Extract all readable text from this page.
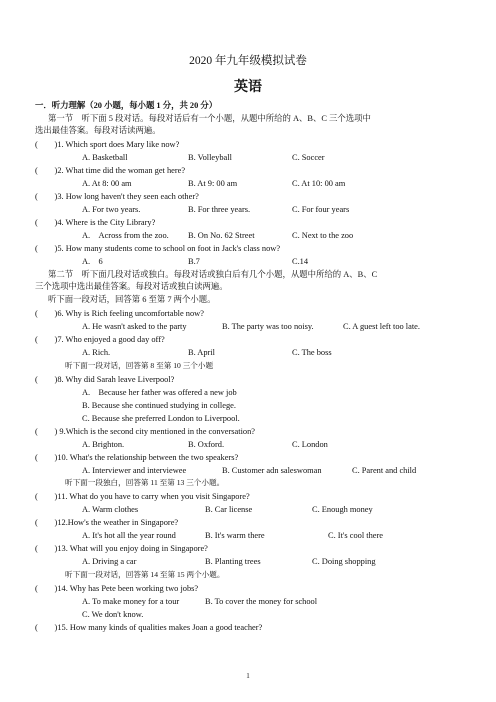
2020 年九年级模拟试卷
英语
一．听力理解（20 小题，每小题 1 分，共 20 分）
第一节　听下面 5 段对话。每段对话后有一个小题，从题中所给的 A、B、C 三个选项中
选出最佳答案。每段对话读两遍。
(　　)1. Which sport does Mary like now?
A. Basketball	B. Volleyball	C. Soccer
(　　)2. What time did the woman get here?
A. At 8: 00 am	B. At 9: 00 am	C. At 10: 00 am
(　　)3. How long haven't they seen each other?
A. For two years.	B. For three years.	C. For four years
(　　)4. Where is the City Library?
A.　Across from the zoo. B. On No. 62 Street	C. Next to the zoo
(　　)5. How many students come to school on foot in Jack's class now?
A.　6	B.7	C.14
第二节　听下面几段对话或独白。每段对话或独白后有几个小题，从题中所给的 A、B、C
三个选项中选出最佳答案。每段对话或独白读两遍。
听下面一段对话，回答第 6 至第 7 两个小题。
(　　)6. Why is Rich feeling uncomfortable now?
A. He wasn't asked to the party	B. The party was too noisy.	C. A guest left too late.
(　　)7. Who enjoyed a good day off?
A. Rich.	B. April	C. The boss
听下面一段对话，回答第 8 至第 10 三个小题
(　　)8. Why did Sarah leave Liverpool?
A.　Because her father was offered a new job
B. Because she continued studying in college.
C. Because she preferred London to Liverpool.
(　　) 9.Which is the second city mentioned in the conversation?
A. Brighton.	B. Oxford.	C. London
(　　)10. What's the relationship between the two speakers?
A. Interviewer and interviewee	B. Customer adn saleswoman	C. Parent and child
听下面一段独白，回答第 11 至第 13 三个小题。
(　　)11. What do you have to carry when you visit Singapore?
A. Warm clothes	B. Car license	C. Enough money
(　　)12.How's the weather in Singapore?
A. It's hot all the year round	B. It's warm there	C. It's cool there
(　　)13. What will you enjoy doing in Singapore?
A. Driving a car	B. Planting trees	C. Doing shopping
听下面一段对话，回答第 14 至第 15 两个小题。
(　　)14. Why has Pete been working two jobs?
A. To make money for a tour	B. To cover the money for school
C. We don't know.
(　　)15. How many kinds of qualities makes Joan a good teacher?
1
